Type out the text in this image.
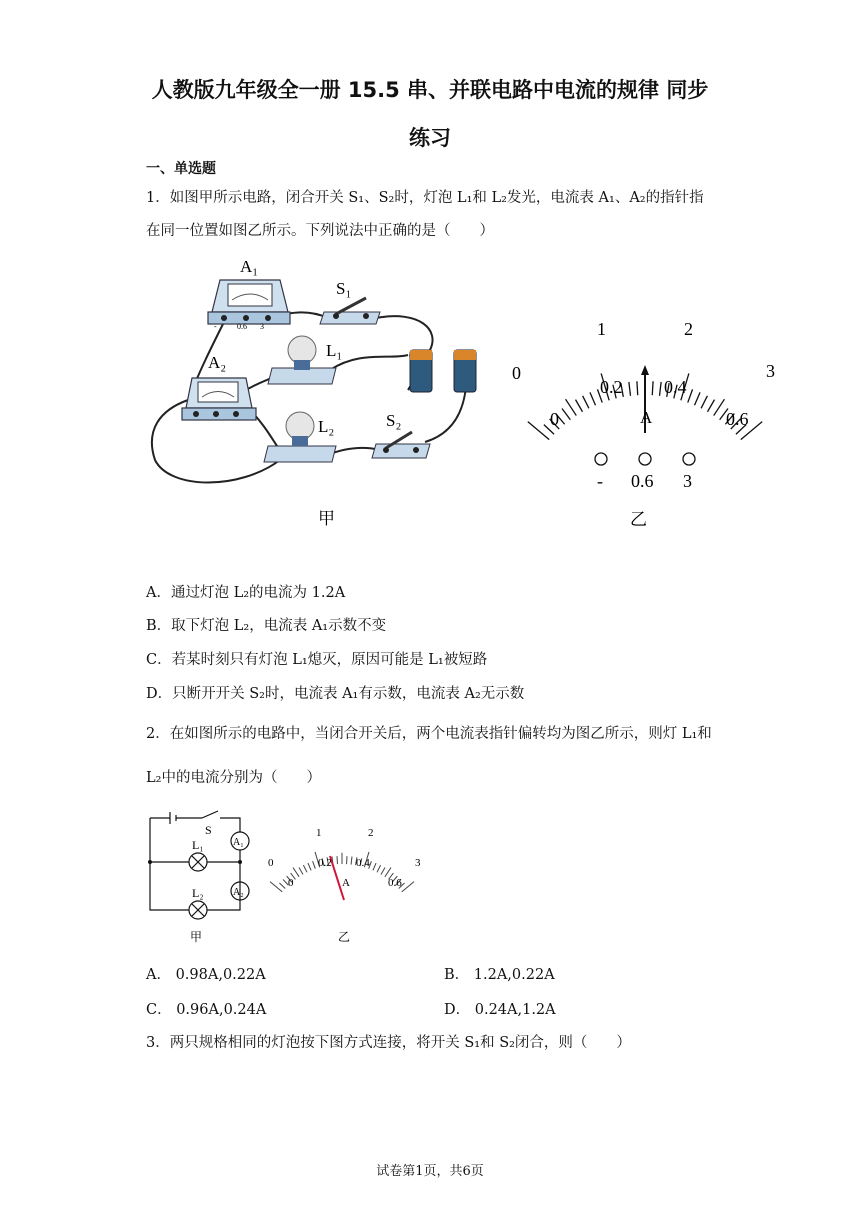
人教版九年级全一册 15.5 串、并联电路中电流的规律 同步
练习
一、单选题
1．如图甲所示电路，闭合开关 S₁、S₂时，灯泡 L₁和 L₂发光，电流表 A₁、A₂的指针指
在同一位置如图乙所示。下列说法中正确的是（　　）
A₁
-	0.6 3
S₁
A₂
L₁
L₂	S₂
甲
0
1	2
3
0
0.2 0.4
0.6
A
- 0.6 3
乙
A．通过灯泡 L₂的电流为 1.2A
B．取下灯泡 L₂，电流表 A₁示数不变
C．若某时刻只有灯泡 L₁熄灭，原因可能是 L₁被短路
D．只断开开关 S₂时，电流表 A₁有示数，电流表 A₂无示数
2．在如图所示的电路中，当闭合开关后，两个电流表指针偏转均为图乙所示，则灯 L₁和
L₂中的电流分别为（　　）
S
L₁
L₂
A₁
A₂
甲
0
1	2
3
0
0.2 0.4
0.6
A
乙
A． 0.98A,0.22A	B． 1.2A,0.22A
C． 0.96A,0.24A	D． 0.24A,1.2A
3．两只规格相同的灯泡按下图方式连接，将开关 S₁和 S₂闭合，则（　　）
试卷第1页，共6页
